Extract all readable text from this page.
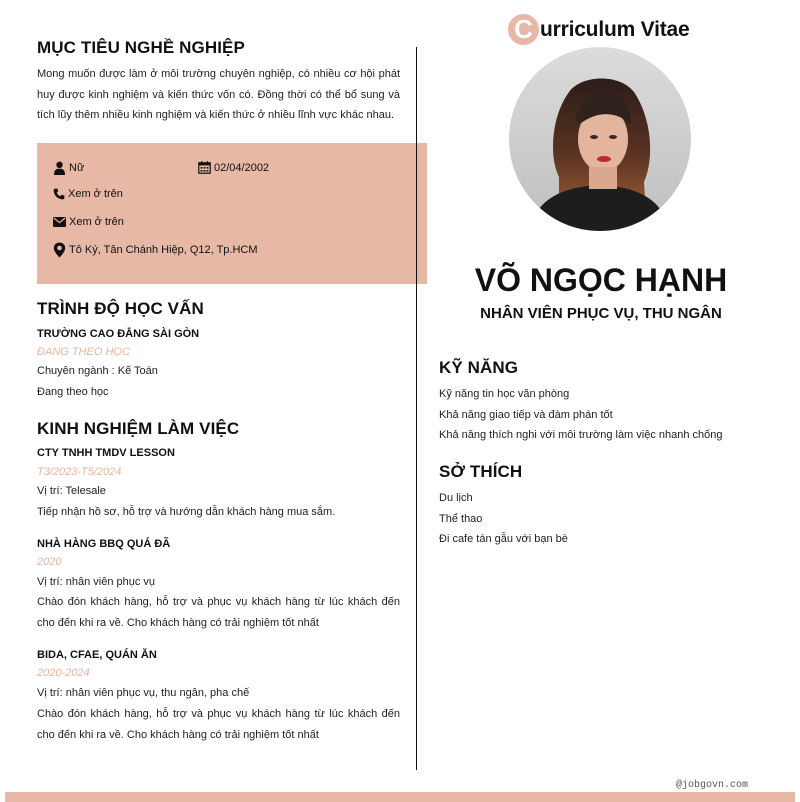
MỤC TIÊU NGHỀ NGHIỆP
Mong muốn được làm ở môi trường chuyên nghiệp, có nhiều cơ hội phát huy được kinh nghiệm và kiến thức vốn có. Đồng thời có thể bổ sung và tích lũy thêm nhiều kinh nghiệm và kiến thức ở nhiều lĩnh vực khác nhau.
Nữ	02/04/2002
Xem ở trên
Xem ở trên
Tô Ký, Tân Chánh Hiệp, Q12, Tp.HCM
TRÌNH ĐỘ HỌC VẤN
TRƯỜNG CAO ĐẲNG SÀI GÒN
ĐANG THEO HỌC
Chuyên ngành : Kế Toán
Đang theo học
KINH NGHIỆM LÀM VIỆC
CTY TNHH TMDV LESSON
T3/2023-T5/2024
Vị trí: Telesale
Tiếp nhận hồ sơ, hỗ trợ và hướng dẫn khách hàng mua sắm.
NHÀ HÀNG BBQ QUÁ ĐÃ
2020
Vị trí: nhân viên phục vụ
Chào đón khách hàng, hỗ trợ và phục vụ khách hàng từ lúc khách đến cho đến khi ra về. Cho khách hàng có trải nghiệm tốt nhất
BIDA, CFAE, QUÁN ĂN
2020-2024
Vị trí: nhân viên phục vụ, thu ngân, pha chế
Chào đón khách hàng, hỗ trợ và phục vụ khách hàng từ lúc khách đến cho đến khi ra về. Cho khách hàng có trải nghiệm tốt nhất
C urriculum Vitae
VÕ NGỌC HẠNH
NHÂN VIÊN PHỤC VỤ, THU NGÂN
KỸ NĂNG
Kỹ năng tin học văn phòng
Khả năng giao tiếp và đàm phán tốt
Khả năng thích nghi với môi trường làm việc nhanh chống
SỞ THÍCH
Du lịch
Thể thao
Đi cafe tán gẫu với bạn bè
@jobgovn.com
